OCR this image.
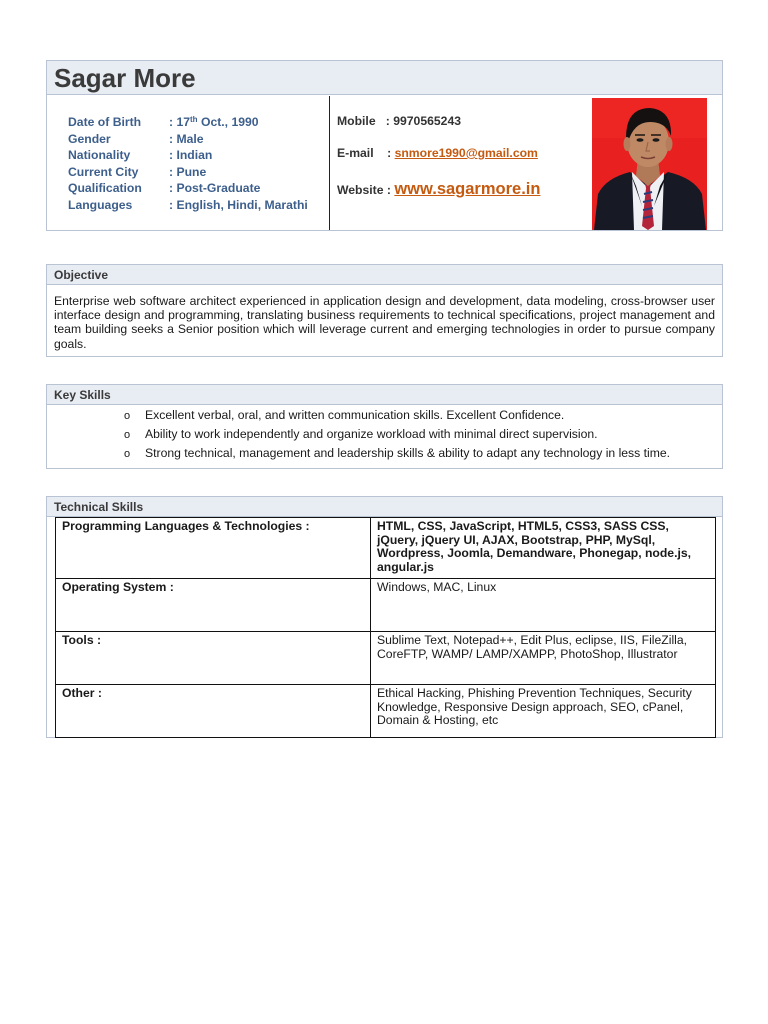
Sagar More
Date of Birth : 17th Oct., 1990
Gender	: Male
Nationality	: Indian
Current City	: Pune
Qualification : Post-Graduate
Languages	: English, Hindi, Marathi
Mobile : 9970565243
E-mail : snmore1990@gmail.com
Website : www.sagarmore.in
Objective
Enterprise web software architect experienced in application design and development, data modeling, cross-browser user interface design and programming, translating business requirements to technical specifications, project management and team building seeks a Senior position which will leverage current and emerging technologies in order to pursue company goals.
Key Skills
o Excellent verbal, oral, and written communication skills. Excellent Confidence.
o Ability to work independently and organize workload with minimal direct supervision.
o Strong technical, management and leadership skills & ability to adapt any technology in less time.
Technical Skills
Programming Languages & Technologies :	HTML, CSS, JavaScript, HTML5, CSS3, SASS CSS, jQuery, jQuery UI, AJAX, Bootstrap, PHP, MySql, Wordpress, Joomla, Demandware, Phonegap, node.js, angular.js
Operating System :	Windows, MAC, Linux
Tools :	Sublime Text, Notepad++, Edit Plus, eclipse, IIS, FileZilla, CoreFTP, WAMP/ LAMP/XAMPP, PhotoShop, Illustrator
Other :	Ethical Hacking, Phishing Prevention Techniques, Security Knowledge, Responsive Design approach, SEO, cPanel, Domain & Hosting, etc
